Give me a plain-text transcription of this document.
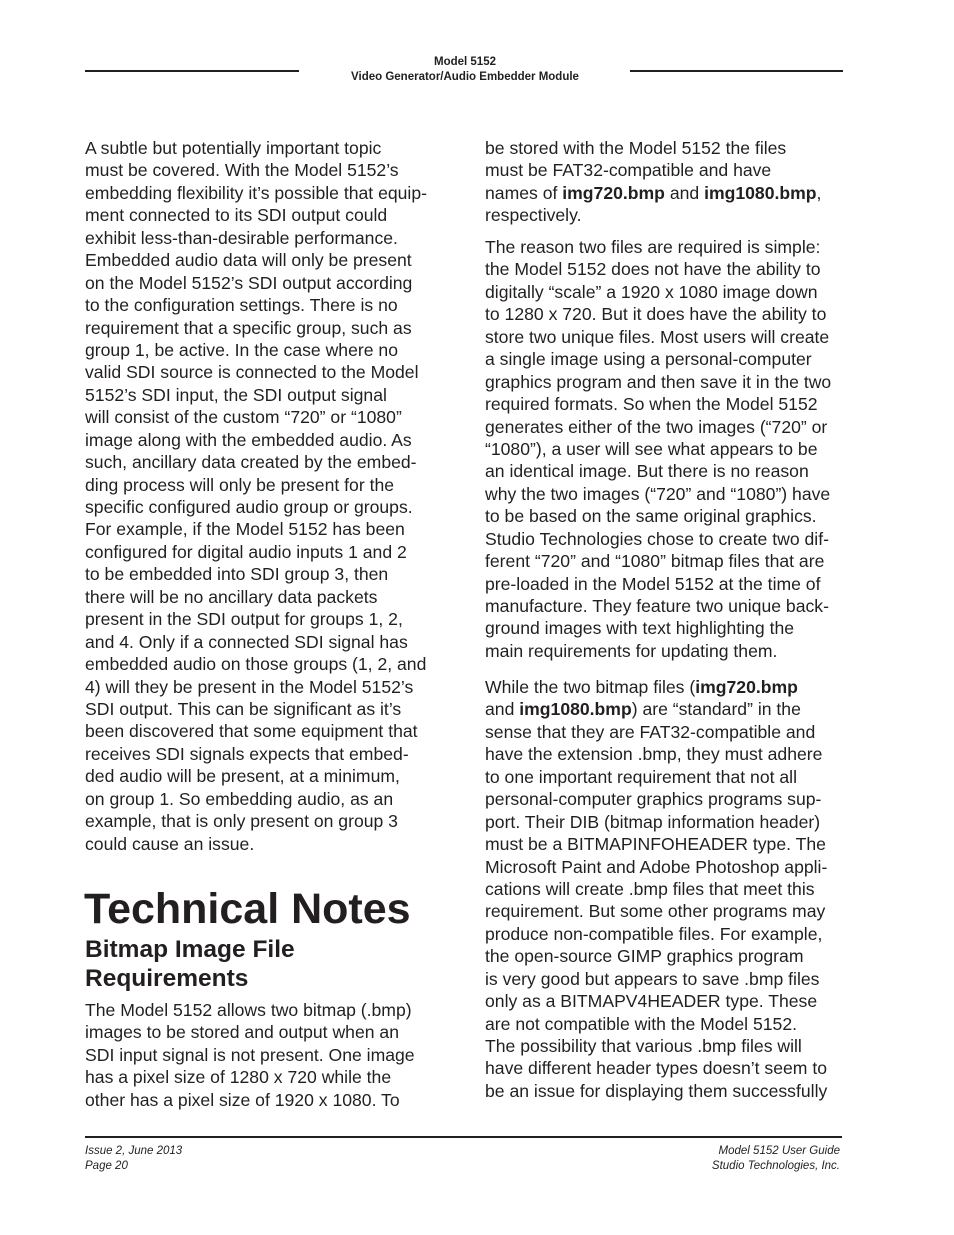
Model 5152
Video Generator/Audio Embedder Module
A subtle but potentially important topic
must be covered. With the Model 5152’s
embedding flexibility it’s possible that equip-
ment connected to its SDI output could
exhibit less-than-desirable performance.
Embedded audio data will only be present
on the Model 5152’s SDI output according
to the configuration settings. There is no
requirement that a specific group, such as
group 1, be active. In the case where no
valid SDI source is connected to the Model
5152’s SDI input, the SDI output signal
will consist of the custom “720” or “1080”
image along with the embedded audio. As
such, ancillary data created by the embed-
ding process will only be present for the
specific configured audio group or groups.
For example, if the Model 5152 has been
configured for digital audio inputs 1 and 2
to be embedded into SDI group 3, then
there will be no ancillary data packets
present in the SDI output for groups 1, 2,
and 4. Only if a connected SDI signal has
embedded audio on those groups (1, 2, and
4) will they be present in the Model 5152’s
SDI output. This can be significant as it’s
been discovered that some equipment that
receives SDI signals expects that embed-
ded audio will be present, at a minimum,
on group 1. So embedding audio, as an
example, that is only present on group 3
could cause an issue.
Technical Notes
Bitmap Image File
Requirements
The Model 5152 allows two bitmap (.bmp)
images to be stored and output when an
SDI input signal is not present. One image
has a pixel size of 1280 x 720 while the
other has a pixel size of 1920 x 1080. To
be stored with the Model 5152 the files
must be FAT32-compatible and have
names of img720.bmp and img1080.bmp,
respectively.
The reason two files are required is simple:
the Model 5152 does not have the ability to
digitally “scale” a 1920 x 1080 image down
to 1280 x 720. But it does have the ability to
store two unique files. Most users will create
a single image using a personal-computer
graphics program and then save it in the two
required formats. So when the Model 5152
generates either of the two images (“720” or
“1080”), a user will see what appears to be
an identical image. But there is no reason
why the two images (“720” and “1080”) have
to be based on the same original graphics.
Studio Technologies chose to create two dif-
ferent “720” and “1080” bitmap files that are
pre-loaded in the Model 5152 at the time of
manufacture. They feature two unique back-
ground images with text highlighting the
main requirements for updating them.
While the two bitmap files (img720.bmp
and img1080.bmp) are “standard” in the
sense that they are FAT32-compatible and
have the extension .bmp, they must adhere
to one important requirement that not all
personal-computer graphics programs sup-
port. Their DIB (bitmap information header)
must be a BITMAPINFOHEADER type. The
Microsoft Paint and Adobe Photoshop appli-
cations will create .bmp files that meet this
requirement. But some other programs may
produce non-compatible files. For example,
the open-source GIMP graphics program
is very good but appears to save .bmp files
only as a BITMAPV4HEADER type. These
are not compatible with the Model 5152.
The possibility that various .bmp files will
have different header types doesn’t seem to
be an issue for displaying them successfully
Issue 2, June 2013
Page 20
Model 5152 User Guide
Studio Technologies, Inc.
